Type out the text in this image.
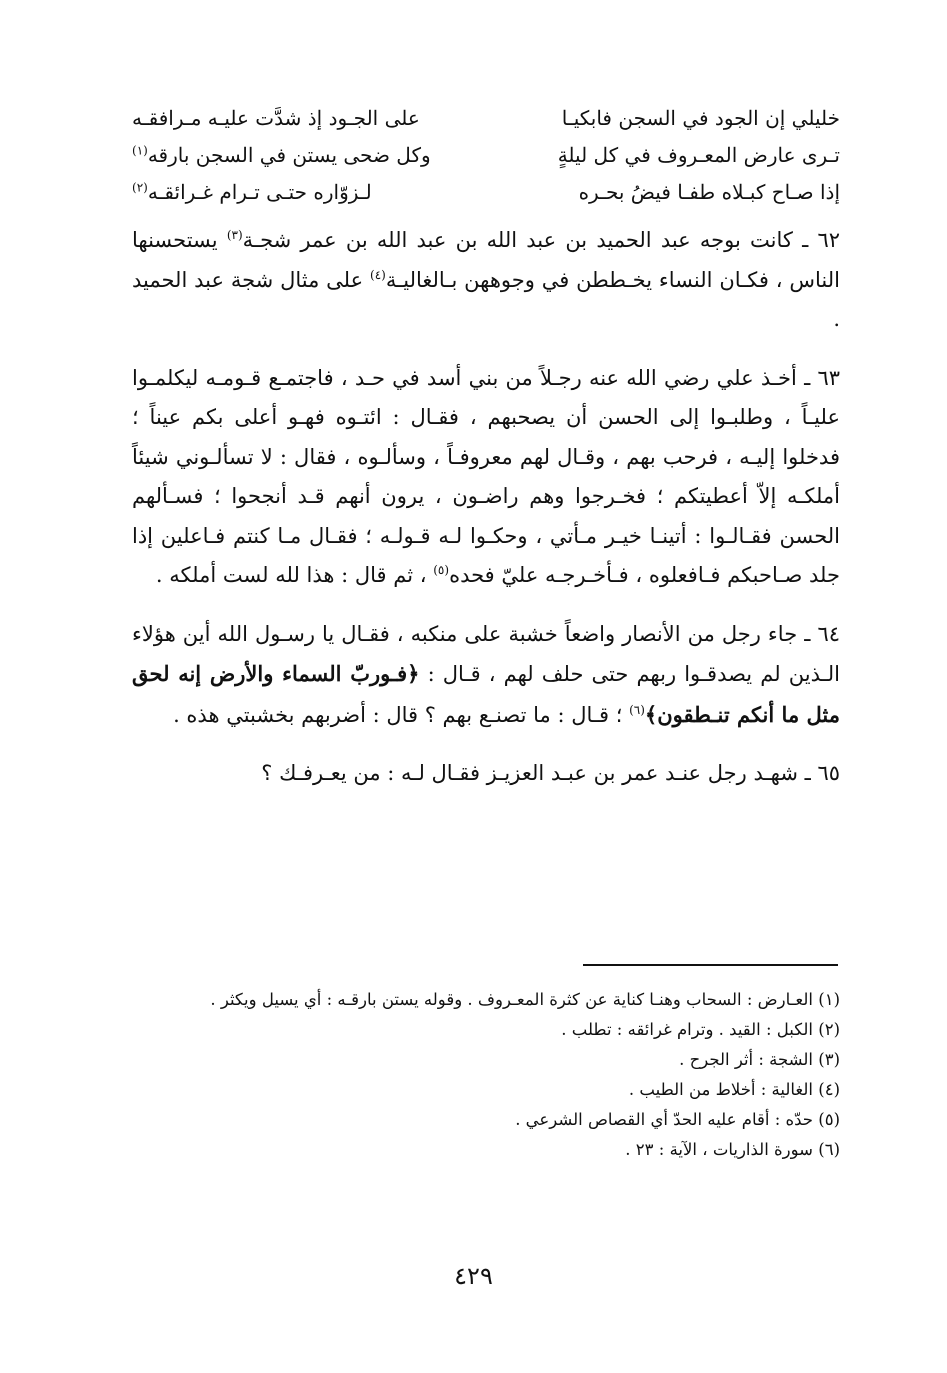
خليلي إن الجود في السجن فابكيـا
على الجـود إذ شدَّت عليـه مـرافقـه
تـرى عارض المعـروف في كل ليلةٍ
وكل ضحى يستن في السجن بارقه$^{(١)}$
إذا صـاح كبـلاه طفـا فيضُ بحـره
لـزوّاره حتـى تـرام غـرائقـه$^{(٢)}$

٦٢ ـ كانت بوجه عبد الحميد بن عبد الله بن عبد الله بن عمر شجـة$^{(٣)}$ يستحسنها الناس ، فكـان النساء يخـططن في وجوههن بـالغاليـة$^{(٤)}$ على مثال شجة عبد الحميد .

٦٣ ـ أخـذ علي رضي الله عنه رجـلاً من بني أسد في حـد ، فاجتمـع قـومـه ليكلمـوا عليـاً ، وطلبـوا إلى الحسن أن يصحبهم ، فقـال : ائتـوه فهـو أعلى بكم عيناً ؛ فدخلوا إليـه ، فرحب بهم ، وقـال لهم معروفـاً ، وسألـوه ، فقال : لا تسألـوني شيئاً أملكـه إلاّ أعطيتكم ؛ فخـرجوا وهم راضـون ، يرون أنهم قـد أنجحوا ؛ فسـألهم الحسن فقـالـوا : أتينـا خيـر مـأتي ، وحكـوا لـه قـولـه ؛ فقـال مـا كنتم فـاعلين إذا جلد صـاحبكم فـافعلوه ، فـأخـرجـه عليّ فحده$^{(٥)}$ ، ثم قال : هذا لله لست أملكه .

٦٤ ـ جاء رجل من الأنصار واضعاً خشبة على منكبه ، فقـال يا رسـول الله أين هؤلاء الـذين لم يصدقـوا ربهم حتى حلف لهم ، قـال : ﴿فـوربّ السماء والأرض إنه لحق مثل ما أنكم تنـطقون﴾$^{(٦)}$ ؛ قـال : ما تصنـع بهم ؟ قال : أضربهم بخشبتي هذه .

٦٥ ـ شهـد رجل عنـد عمر بن عبـد العزيـز فقـال لـه : من يعـرفـك ؟

(١) العـارض : السحاب وهنـا كناية عن كثرة المعـروف . وقوله يستن بارقـه : أي يسيل ويكثر .
(٢) الكبل : القيد . وترام غرائقه : تطلب .
(٣) الشجة : أثر الجرح .
(٤) الغالية : أخلاط من الطيب .
(٥) حدّه : أقام عليه الحدّ أي القصاص الشرعي .
(٦) سورة الذاريات ، الآية : ٢٣ .
٤٢٩
